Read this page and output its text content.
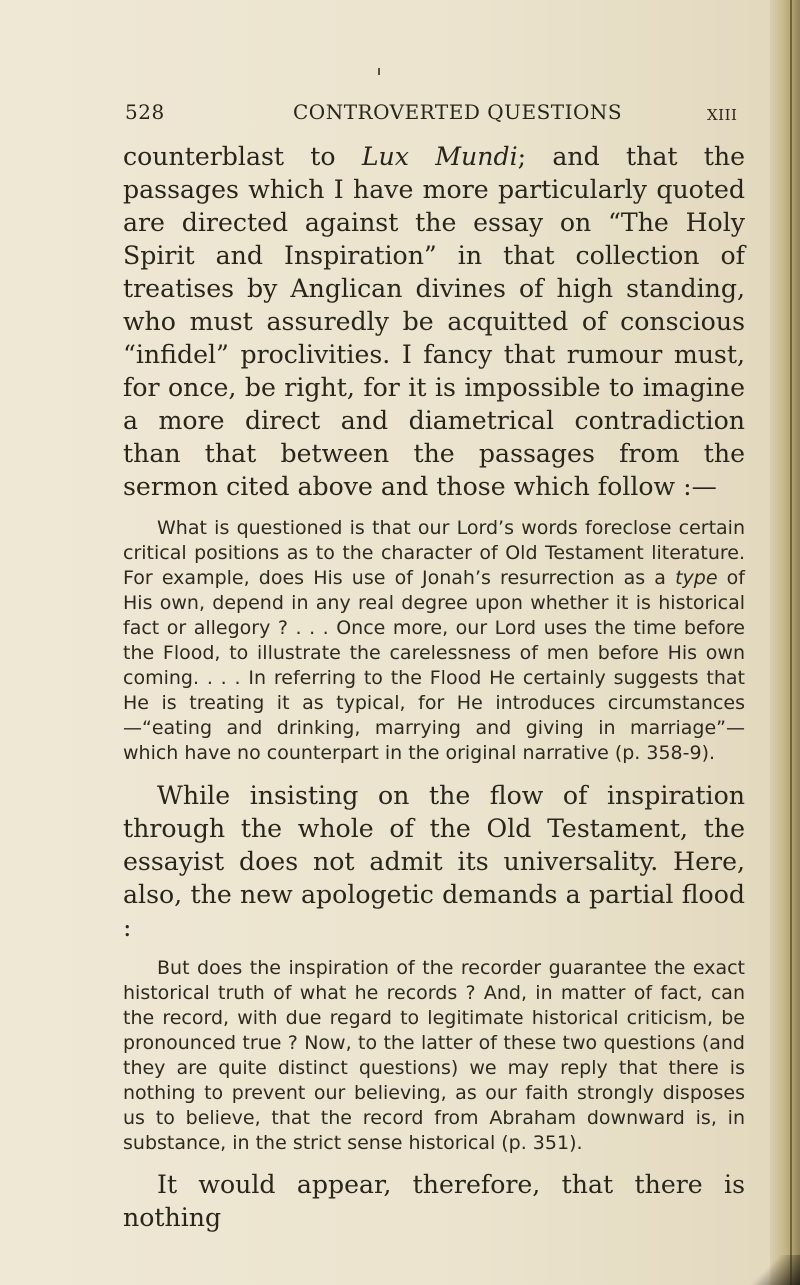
528	CONTROVERTED QUESTIONS	XIII

counterblast to Lux Mundi; and that the passages which I have more particularly quoted are directed against the essay on “The Holy Spirit and Inspiration” in that collection of treatises by Anglican divines of high standing, who must assuredly be acquitted of conscious “infidel” proclivities. I fancy that rumour must, for once, be right, for it is impossible to imagine a more direct and diametrical contradiction than that between the passages from the sermon cited above and those which follow :—

What is questioned is that our Lord’s words foreclose certain critical positions as to the character of Old Testament literature. For example, does His use of Jonah’s resurrection as a type of His own, depend in any real degree upon whether it is historical fact or allegory ? . . . Once more, our Lord uses the time before the Flood, to illustrate the carelessness of men before His own coming. . . . In referring to the Flood He certainly suggests that He is treating it as typical, for He introduces circumstances —“eating and drinking, marrying and giving in marriage”— which have no counterpart in the original narrative (p. 358-9).

While insisting on the flow of inspiration through the whole of the Old Testament, the essayist does not admit its universality. Here, also, the new apologetic demands a partial flood :

But does the inspiration of the recorder guarantee the exact historical truth of what he records ? And, in matter of fact, can the record, with due regard to legitimate historical criticism, be pronounced true ? Now, to the latter of these two questions (and they are quite distinct questions) we may reply that there is nothing to prevent our believing, as our faith strongly disposes us to believe, that the record from Abraham downward is, in substance, in the strict sense historical (p. 351).

It would appear, therefore, that there is nothing
